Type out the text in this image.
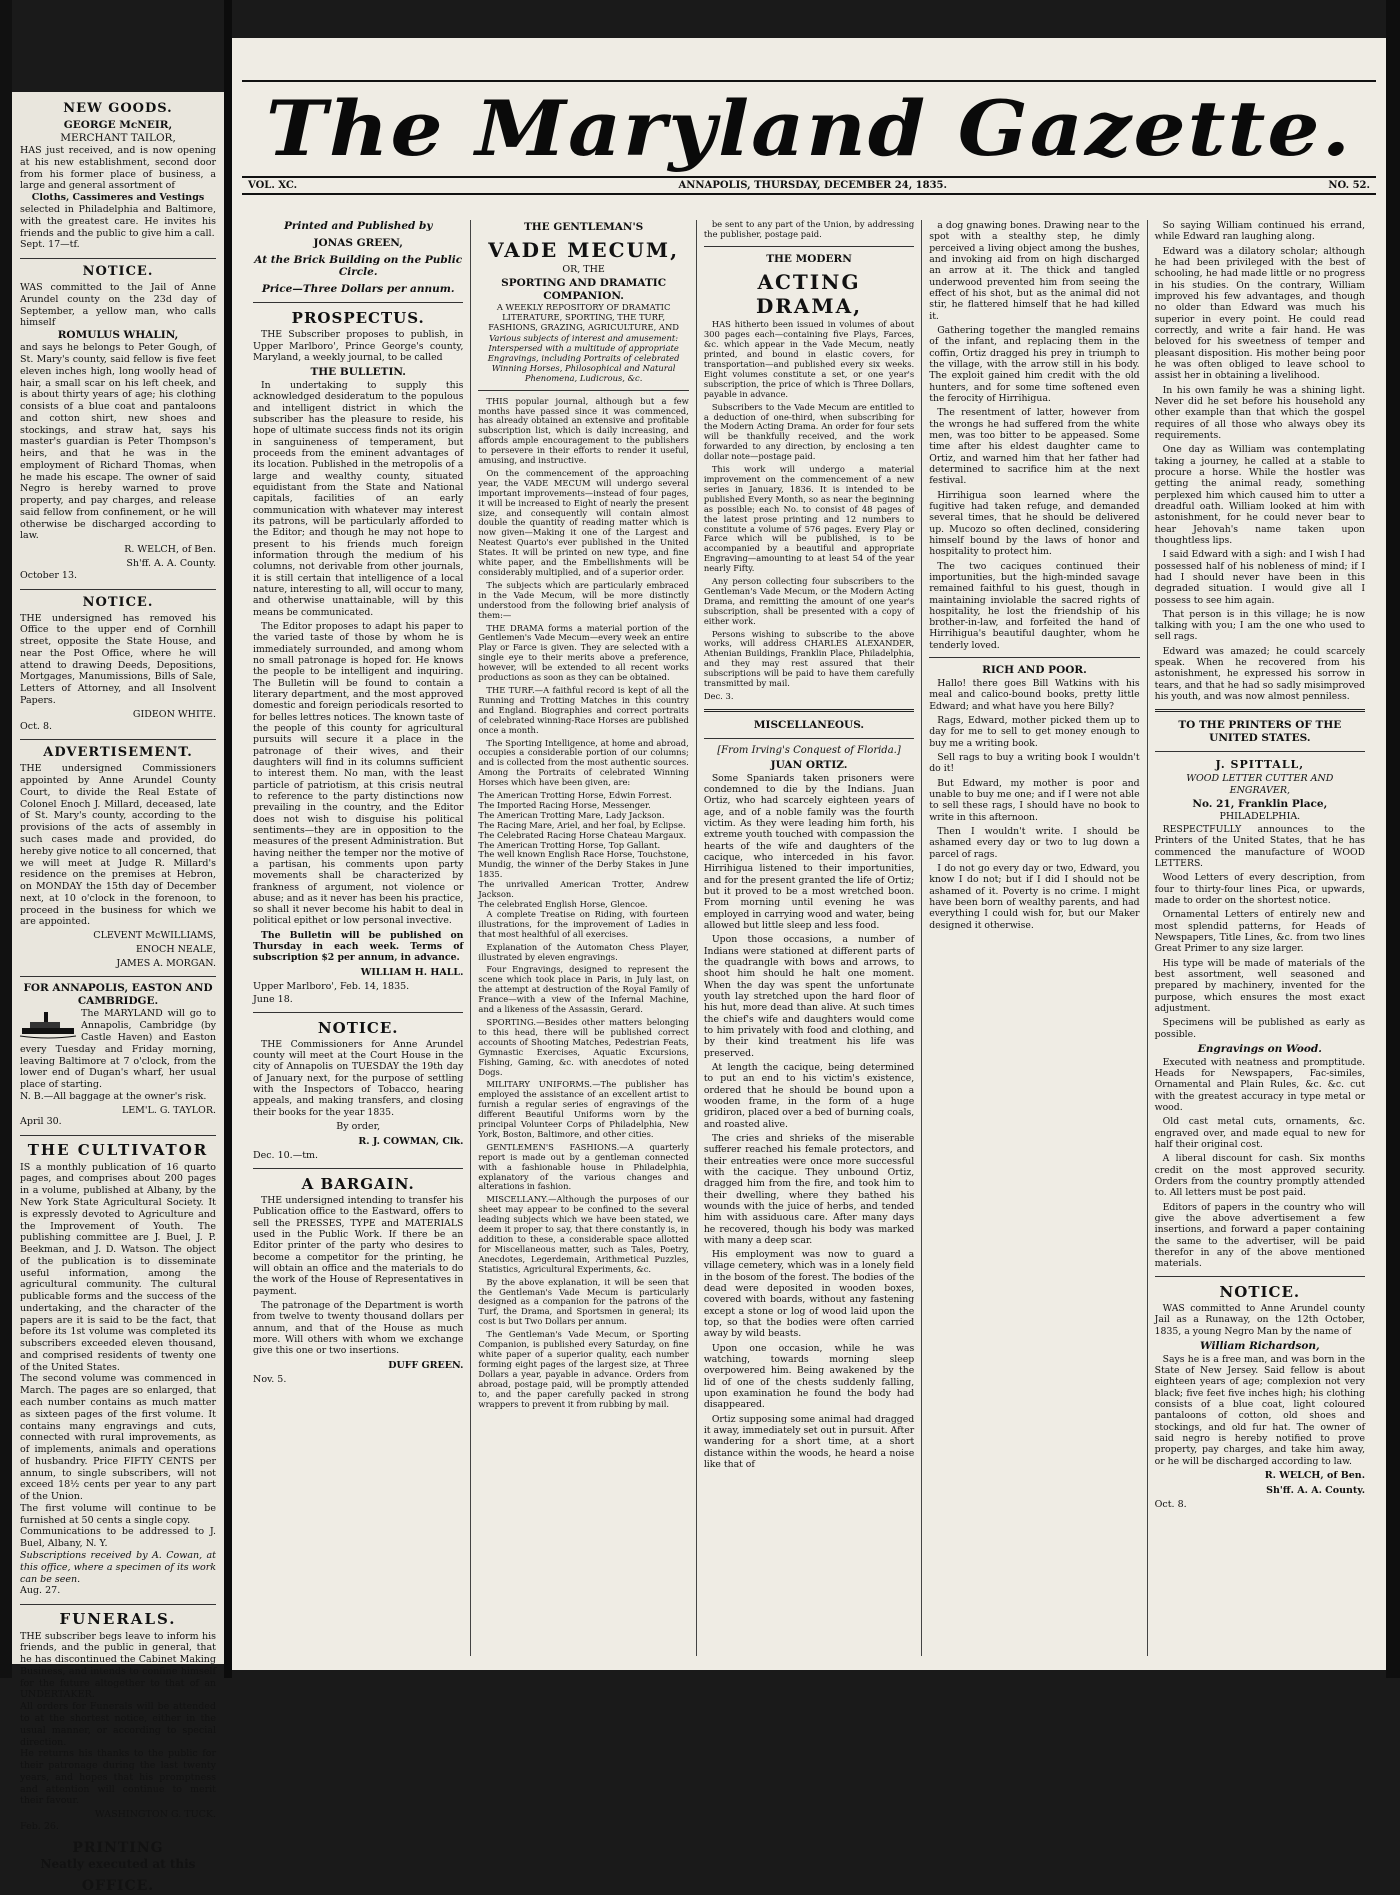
NEW GOODS.
GEORGE McNEIR,
MERCHANT TAILOR,
HAS just received, and is now opening at his new establishment, second door from his former place of business, a large and general assortment of
Cloths, Cassimeres and Vestings
selected in Philadelphia and Baltimore, with the greatest care. He invites his friends and the public to give him a call.
Sept. 17—tf.
NOTICE.
WAS committed to the Jail of Anne Arundel county on the 23d day of September, a yellow man, who calls himself
ROMULUS WHALIN,
and says he belongs to Peter Gough, of St. Mary's county, said fellow is five feet eleven inches high, long woolly head of hair, a small scar on his left cheek, and is about thirty years of age; his clothing consists of a blue coat and pantaloons and cotton shirt, new shoes and stockings, and straw hat, says his master's guardian is Peter Thompson's heirs, and that he was in the employment of Richard Thomas, when he made his escape. The owner of said Negro is hereby warned to prove property, and pay charges, and release said fellow from confinement, or he will otherwise be discharged according to law.
R. WELCH, of Ben.
Sh'ff. A. A. County.
October 13.
NOTICE.
THE undersigned has removed his Office to the upper end of Cornhill street, opposite the State House, and near the Post Office, where he will attend to drawing Deeds, Depositions, Mortgages, Manumissions, Bills of Sale, Letters of Attorney, and all Insolvent Papers.
GIDEON WHITE.
Oct. 8.
ADVERTISEMENT.
THE undersigned Commissioners appointed by Anne Arundel County Court, to divide the Real Estate of Colonel Enoch J. Millard, deceased, late of St. Mary's county, according to the provisions of the acts of assembly in such cases made and provided, do hereby give notice to all concerned, that we will meet at Judge R. Millard's residence on the premises at Hebron, on MONDAY the 15th day of December next, at 10 o'clock in the forenoon, to proceed in the business for which we are appointed.
CLEVENT McWILLIAMS,
ENOCH NEALE,
JAMES A. MORGAN.
FOR ANNAPOLIS, EASTON AND
CAMBRIDGE.
The MARYLAND will go to Annapolis, Cambridge (by Castle Haven) and Easton every Tuesday and Friday morning, leaving Baltimore at 7 o'clock, from the lower end of Dugan's wharf, her usual place of starting.
N. B.—All baggage at the owner's risk.
LEM'L. G. TAYLOR.
April 30.
THE CULTIVATOR
IS a monthly publication of 16 quarto pages, and comprises about 200 pages in a volume, published at Albany, by the New York State Agricultural Society. It is expressly devoted to Agriculture and the Improvement of Youth. The publishing committee are J. Buel, J. P. Beekman, and J. D. Watson. The object of the publication is to disseminate useful information, among the agricultural community. The cultural publicable forms and the success of the undertaking, and the character of the papers are it is said to be the fact, that before its 1st volume was completed its subscribers exceeded eleven thousand, and comprised residents of twenty one of the United States.
The second volume was commenced in March. The pages are so enlarged, that each number contains as much matter as sixteen pages of the first volume. It contains many engravings and cuts, connected with rural improvements, as of implements, animals and operations of husbandry. Price FIFTY CENTS per annum, to single subscribers, will not exceed 18½ cents per year to any part of the Union.
The first volume will continue to be furnished at 50 cents a single copy.
Communications to be addressed to J. Buel, Albany, N. Y.
Subscriptions received by A. Cowan, at this office, where a specimen of its work can be seen.
Aug. 27.
FUNERALS.
THE subscriber begs leave to inform his friends, and the public in general, that he has discontinued the Cabinet Making Business, and intends to confine himself for the future altogether to that of an UNDERTAKER.
All orders for Funerals will be attended to at the shortest notice, either in the usual manner, or according to special direction.
He returns his thanks to the public for their patronage during the last twenty years, and hopes that his promptness and attention will continue to merit their favour.
WASHINGTON G. TUCK.
Feb. 26.
PRINTING
Neatly executed at this
OFFICE.
The Maryland Gazette.
VOL. XC.	ANNAPOLIS, THURSDAY, DECEMBER 24, 1835.	NO. 52.
Printed and Published by
JONAS GREEN,
At the Brick Building on the Public Circle.
Price—Three Dollars per annum.
PROSPECTUS.

THE Subscriber proposes to publish, in Upper Marlboro', Prince George's county, Maryland, a weekly journal, to be called

THE BULLETIN.

In undertaking to supply this acknowledged desideratum to the populous and intelligent district in which the subscriber has the pleasure to reside, his hope of ultimate success finds not its origin in sanguineness of temperament, but proceeds from the eminent advantages of its location. Published in the metropolis of a large and wealthy county, situated equidistant from the State and National capitals, facilities of an early communication with whatever may interest its patrons, will be particularly afforded to the Editor; and though he may not hope to present to his friends much foreign information through the medium of his columns, not derivable from other journals, it is still certain that intelligence of a local nature, interesting to all, will occur to many, and otherwise unattainable, will by this means be communicated.

The Editor proposes to adapt his paper to the varied taste of those by whom he is immediately surrounded, and among whom no small patronage is hoped for. He knows the people to be intelligent and inquiring. The Bulletin will be found to contain a literary department, and the most approved domestic and foreign periodicals resorted to for belles lettres notices. The known taste of the people of this county for agricultural pursuits will secure it a place in the patronage of their wives, and their daughters will find in its columns sufficient to interest them. No man, with the least particle of patriotism, at this crisis neutral to reference to the party distinctions now prevailing in the country, and the Editor does not wish to disguise his political sentiments—they are in opposition to the measures of the present Administration. But having neither the temper nor the motive of a partisan, his comments upon party movements shall be characterized by frankness of argument, not violence or abuse; and as it never has been his practice, so shall it never become his habit to deal in political epithet or low personal invective.

The Bulletin will be published on Thursday in each week. Terms of subscription $2 per annum, in advance.

WILLIAM H. HALL.
Upper Marlboro', Feb. 14, 1835.
June 18.
NOTICE.

THE Commissioners for Anne Arundel county will meet at the Court House in the city of Annapolis on TUESDAY the 19th day of January next, for the purpose of settling with the Inspectors of Tobacco, hearing appeals, and making transfers, and closing their books for the year 1835.

By order,
R. J. COWMAN, Clk.
Dec. 10.—tm.
A BARGAIN.

THE undersigned intending to transfer his Publication office to the Eastward, offers to sell the PRESSES, TYPE and MATERIALS used in the Public Work. If there be an Editor printer of the party who desires to become a competitor for the printing, he will obtain an office and the materials to do the work of the House of Representatives in payment.

The patronage of the Department is worth from twelve to twenty thousand dollars per annum, and that of the House as much more. Will others with whom we exchange give this one or two insertions.

DUFF GREEN.
Nov. 5.
THE GENTLEMAN'S
VADE MECUM,
OR, THE
SPORTING AND DRAMATIC COMPANION.
A WEEKLY REPOSITORY OF DRAMATIC LITERATURE, SPORTING, THE TURF, FASHIONS, GRAZING, AGRICULTURE, AND
Various subjects of interest and amusement: Interspersed with a multitude of appropriate Engravings, including Portraits of celebrated Winning Horses, Philosophical and Natural Phenomena, Ludicrous, &c.

THIS popular journal, although but a few months have passed since it was commenced, has already obtained an extensive and profitable subscription list, which is daily increasing, and affords ample encouragement to the publishers to persevere in their efforts to render it useful, amusing, and instructive.

On the commencement of the approaching year, the VADE MECUM will undergo several important improvements—instead of four pages, it will be increased to Eight of nearly the present size, and consequently will contain almost double the quantity of reading matter which is now given—Making it one of the Largest and Neatest Quarto's ever published in the United States. It will be printed on new type, and fine white paper, and the Embellishments will be considerably multiplied, and of a superior order.

The subjects which are particularly embraced in the Vade Mecum, will be more distinctly understood from the following brief analysis of them:—

THE DRAMA forms a material portion of the Gentlemen's Vade Mecum—every week an entire Play or Farce is given. They are selected with a single eye to their merits above a preference, however, will be extended to all recent works productions as soon as they can be obtained.

THE TURF.—A faithful record is kept of all the Running and Trotting Matches in this country and England. Biographies and correct portraits of celebrated winning-Race Horses are published once a month.

The Sporting Intelligence, at home and abroad, occupies a considerable portion of our columns; and is collected from the most authentic sources. Among the Portraits of celebrated Winning Horses which have been given, are:

The American Trotting Horse, Edwin Forrest.
The Imported Racing Horse, Messenger.
The American Trotting Mare, Lady Jackson.
The Racing Mare, Ariel, and her foal, by Eclipse.
The Celebrated Racing Horse Chateau Margaux.
The American Trotting Horse, Top Gallant.
The well known English Race Horse, Touchstone, Mundig, the winner of the Derby Stakes in June 1835.
The unrivalled American Trotter, Andrew Jackson.
The celebrated English Horse, Glencoe.

A complete Treatise on Riding, with fourteen illustrations, for the improvement of Ladies in that most healthful of all exercises.

Explanation of the Automaton Chess Player, illustrated by eleven engravings.

Four Engravings, designed to represent the scene which took place in Paris, in July last, on the attempt at destruction of the Royal Family of France—with a view of the Infernal Machine, and a likeness of the Assassin, Gerard.

SPORTING.—Besides other matters belonging to this head, there will be published correct accounts of Shooting Matches, Pedestrian Feats, Gymnastic Exercises, Aquatic Excursions, Fishing, Gaming, &c. with anecdotes of noted Dogs.

MILITARY UNIFORMS.—The publisher has employed the assistance of an excellent artist to furnish a regular series of engravings of the different Beautiful Uniforms worn by the principal Volunteer Corps of Philadelphia, New York, Boston, Baltimore, and other cities.

GENTLEMEN'S FASHIONS.—A quarterly report is made out by a gentleman connected with a fashionable house in Philadelphia, explanatory of the various changes and alterations in fashion.

MISCELLANY.—Although the purposes of our sheet may appear to be confined to the several leading subjects which we have been stated, we deem it proper to say, that there constantly is, in addition to these, a considerable space allotted for Miscellaneous matter, such as Tales, Poetry, Anecdotes, Legerdemain, Arithmetical Puzzles, Statistics, Agricultural Experiments, &c.

By the above explanation, it will be seen that the Gentleman's Vade Mecum is particularly designed as a companion for the patrons of the Turf, the Drama, and Sportsmen in general; its cost is but Two Dollars per annum.

The Gentleman's Vade Mecum, or Sporting Companion, is published every Saturday, on fine white paper of a superior quality, each number forming eight pages of the largest size, at Three Dollars a year, payable in advance. Orders from abroad, postage paid, will be promptly attended to, and the paper carefully packed in strong wrappers to prevent it from rubbing by mail.

be sent to any part of the Union, by addressing the publisher, postage paid.

THE MODERN
ACTING DRAMA,

HAS hitherto been issued in volumes of about 300 pages each—containing five Plays, Farces, &c. which appear in the Vade Mecum, neatly printed, and bound in elastic covers, for transportation—and published every six weeks. Eight volumes constitute a set, or one year's subscription, the price of which is Three Dollars, payable in advance.

Subscribers to the Vade Mecum are entitled to a deduction of one-third, when subscribing for the Modern Acting Drama. An order for four sets will be thankfully received, and the work forwarded to any direction, by enclosing a ten dollar note—postage paid.

This work will undergo a material improvement on the commencement of a new series in January, 1836. It is intended to be published Every Month, so as near the beginning as possible; each No. to consist of 48 pages of the latest prose printing and 12 numbers to constitute a volume of 576 pages. Every Play or Farce which will be published, is to be accompanied by a beautiful and appropriate Engraving—amounting to at least 54 of the year nearly Fifty.

Any person collecting four subscribers to the Gentleman's Vade Mecum, or the Modern Acting Drama, and remitting the amount of one year's subscription, shall be presented with a copy of either work.

Persons wishing to subscribe to the above works, will address CHARLES ALEXANDER, Athenian Buildings, Franklin Place, Philadelphia, and they may rest assured that their subscriptions will be paid to have them carefully transmitted by mail.

Dec. 3.
MISCELLANEOUS.
[From Irving's Conquest of Florida.]
JUAN ORTIZ.

Some Spaniards taken prisoners were condemned to die by the Indians. Juan Ortiz, who had scarcely eighteen years of age, and of a noble family was the fourth victim. As they were leading him forth, his extreme youth touched with compassion the hearts of the wife and daughters of the cacique, who interceded in his favor. Hirrihigua listened to their importunities, and for the present granted the life of Ortiz; but it proved to be a most wretched boon. From morning until evening he was employed in carrying wood and water, being allowed but little sleep and less food.

Upon those occasions, a number of Indians were stationed at different parts of the quadrangle with bows and arrows, to shoot him should he halt one moment. When the day was spent the unfortunate youth lay stretched upon the hard floor of his hut, more dead than alive. At such times the chief's wife and daughters would come to him privately with food and clothing, and by their kind treatment his life was preserved.

At length the cacique, being determined to put an end to his victim's existence, ordered that he should be bound upon a wooden frame, in the form of a huge gridiron, placed over a bed of burning coals, and roasted alive.

The cries and shrieks of the miserable sufferer reached his female protectors, and their entreaties were once more successful with the cacique. They unbound Ortiz, dragged him from the fire, and took him to their dwelling, where they bathed his wounds with the juice of herbs, and tended him with assiduous care. After many days he recovered, though his body was marked with many a deep scar.

His employment was now to guard a village cemetery, which was in a lonely field in the bosom of the forest. The bodies of the dead were deposited in wooden boxes, covered with boards, without any fastening except a stone or log of wood laid upon the top, so that the bodies were often carried away by wild beasts.

Upon one occasion, while he was watching, towards morning sleep overpowered him. Being awakened by the lid of one of the chests suddenly falling, upon examination he found the body had disappeared.

Ortiz supposing some animal had dragged it away, immediately set out in pursuit. After wandering for a short time, at a short distance within the woods, he heard a noise like that of

a dog gnawing bones. Drawing near to the spot with a stealthy step, he dimly perceived a living object among the bushes, and invoking aid from on high discharged an arrow at it. The thick and tangled underwood prevented him from seeing the effect of his shot, but as the animal did not stir, he flattered himself that he had killed it.

Gathering together the mangled remains of the infant, and replacing them in the coffin, Ortiz dragged his prey in triumph to the village, with the arrow still in his body. The exploit gained him credit with the old hunters, and for some time softened even the ferocity of Hirrihigua.

The resentment of latter, however from the wrongs he had suffered from the white men, was too bitter to be appeased. Some time after his eldest daughter came to Ortiz, and warned him that her father had determined to sacrifice him at the next festival.

Hirrihigua soon learned where the fugitive had taken refuge, and demanded several times, that he should be delivered up. Mucozo so often declined, considering himself bound by the laws of honor and hospitality to protect him.

The two caciques continued their importunities, but the high-minded savage remained faithful to his guest, though in maintaining inviolable the sacred rights of hospitality, he lost the friendship of his brother-in-law, and forfeited the hand of Hirrihigua's beautiful daughter, whom he tenderly loved.

RICH AND POOR.

Hallo! there goes Bill Watkins with his meal and calico-bound books, pretty little Edward; and what have you here Billy?

Rags, Edward, mother picked them up to day for me to sell to get money enough to buy me a writing book.

Sell rags to buy a writing book I wouldn't do it!

But Edward, my mother is poor and unable to buy me one; and if I were not able to sell these rags, I should have no book to write in this afternoon.

Then I wouldn't write. I should be ashamed every day or two to lug down a parcel of rags.

I do not go every day or two, Edward, you know I do not; but if I did I should not be ashamed of it. Poverty is no crime. I might have been born of wealthy parents, and had everything I could wish for, but our Maker designed it otherwise.

So saying William continued his errand, while Edward ran laughing along.

Edward was a dilatory scholar; although he had been privileged with the best of schooling, he had made little or no progress in his studies. On the contrary, William improved his few advantages, and though no older than Edward was much his superior in every point. He could read correctly, and write a fair hand. He was beloved for his sweetness of temper and pleasant disposition. His mother being poor he was often obliged to leave school to assist her in obtaining a livelihood.

In his own family he was a shining light. Never did he set before his household any other example than that which the gospel requires of all those who always obey its requirements.

One day as William was contemplating taking a journey, he called at a stable to procure a horse. While the hostler was getting the animal ready, something perplexed him which caused him to utter a dreadful oath. William looked at him with astonishment, for he could never bear to hear Jehovah's name taken upon thoughtless lips.

I said Edward with a sigh: and I wish I had possessed half of his nobleness of mind; if I had I should never have been in this degraded situation. I would give all I possess to see him again.

That person is in this village; he is now talking with you; I am the one who used to sell rags.

Edward was amazed; he could scarcely speak. When he recovered from his astonishment, he expressed his sorrow in tears, and that he had so sadly misimproved his youth, and was now almost penniless.

TO THE PRINTERS OF THE UNITED STATES.
J. SPITTALL,
WOOD LETTER CUTTER AND ENGRAVER,
No. 21, Franklin Place,
PHILADELPHIA.

RESPECTFULLY announces to the Printers of the United States, that he has commenced the manufacture of WOOD LETTERS.

Wood Letters of every description, from four to thirty-four lines Pica, or upwards, made to order on the shortest notice.

Ornamental Letters of entirely new and most splendid patterns, for Heads of Newspapers, Title Lines, &c. from two lines Great Primer to any size larger.

His type will be made of materials of the best assortment, well seasoned and prepared by machinery, invented for the purpose, which ensures the most exact adjustment.

Specimens will be published as early as possible.

Engravings on Wood.

Executed with neatness and promptitude. Heads for Newspapers, Fac-similes, Ornamental and Plain Rules, &c. &c. cut with the greatest accuracy in type metal or wood.

Old cast metal cuts, ornaments, &c. engraved over, and made equal to new for half their original cost.

A liberal discount for cash. Six months credit on the most approved security. Orders from the country promptly attended to. All letters must be post paid.

Editors of papers in the country who will give the above advertisement a few insertions, and forward a paper containing the same to the advertiser, will be paid therefor in any of the above mentioned materials.

NOTICE.

WAS committed to Anne Arundel county Jail as a Runaway, on the 12th October, 1835, a young Negro Man by the name of

William Richardson,

Says he is a free man, and was born in the State of New Jersey. Said fellow is about eighteen years of age; complexion not very black; five feet five inches high; his clothing consists of a blue coat, light coloured pantaloons of cotton, old shoes and stockings, and old fur hat. The owner of said negro is hereby notified to prove property, pay charges, and take him away, or he will be discharged according to law.

R. WELCH, of Ben.
Sh'ff. A. A. County.
Oct. 8.
